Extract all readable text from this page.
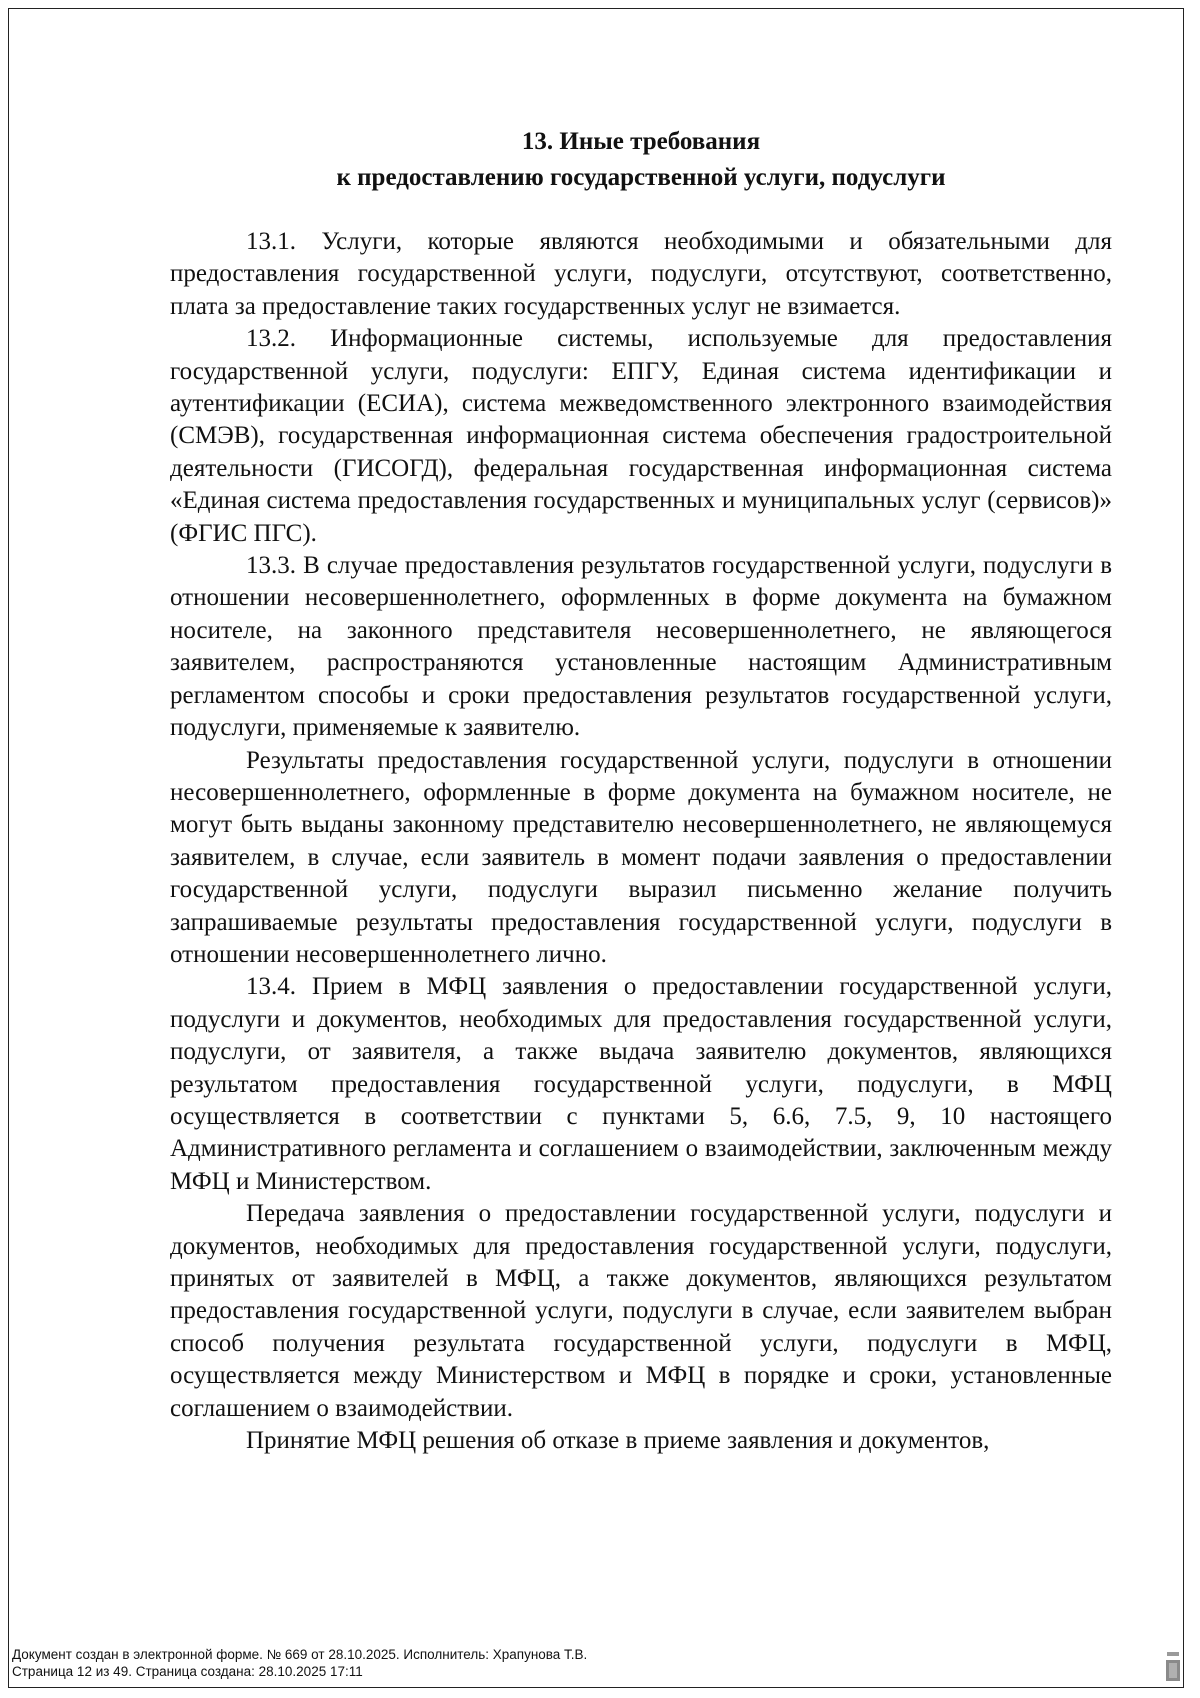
13. Иные требования
к предоставлению государственной услуги, подуслуги

13.1. Услуги, которые являются необходимыми и обязательными для предоставления государственной услуги, подуслуги, отсутствуют, соответственно, плата за предоставление таких государственных услуг не взимается.

13.2. Информационные системы, используемые для предоставления государственной услуги, подуслуги: ЕПГУ, Единая система идентификации и аутентификации (ЕСИА), система межведомственного электронного взаимодействия (СМЭВ), государственная информационная система обеспечения градостроительной деятельности (ГИСОГД), федеральная государственная информационная система «Единая система предоставления государственных и муниципальных услуг (сервисов)» (ФГИС ПГС).

13.3. В случае предоставления результатов государственной услуги, подуслуги в отношении несовершеннолетнего, оформленных в форме документа на бумажном носителе, на законного представителя несовершеннолетнего, не являющегося заявителем, распространяются установленные настоящим Административным регламентом способы и сроки предоставления результатов государственной услуги, подуслуги, применяемые к заявителю.

Результаты предоставления государственной услуги, подуслуги в отношении несовершеннолетнего, оформленные в форме документа на бумажном носителе, не могут быть выданы законному представителю несовершеннолетнего, не являющемуся заявителем, в случае, если заявитель в момент подачи заявления о предоставлении государственной услуги, подуслуги выразил письменно желание получить запрашиваемые результаты предоставления государственной услуги, подуслуги в отношении несовершеннолетнего лично.

13.4. Прием в МФЦ заявления о предоставлении государственной услуги, подуслуги и документов, необходимых для предоставления государственной услуги, подуслуги, от заявителя, а также выдача заявителю документов, являющихся результатом предоставления государственной услуги, подуслуги, в МФЦ осуществляется в соответствии с пунктами 5, 6.6, 7.5, 9, 10 настоящего Административного регламента и соглашением о взаимодействии, заключенным между МФЦ и Министерством.

Передача заявления о предоставлении государственной услуги, подуслуги и документов, необходимых для предоставления государственной услуги, подуслуги, принятых от заявителей в МФЦ, а также документов, являющихся результатом предоставления государственной услуги, подуслуги в случае, если заявителем выбран способ получения результата государственной услуги, подуслуги в МФЦ, осуществляется между Министерством и МФЦ в порядке и сроки, установленные соглашением о взаимодействии.

Принятие МФЦ решения об отказе в приеме заявления и документов,

Документ создан в электронной форме. № 669 от 28.10.2025. Исполнитель: Храпунова Т.В.
Страница 12 из 49. Страница создана: 28.10.2025 17:11
